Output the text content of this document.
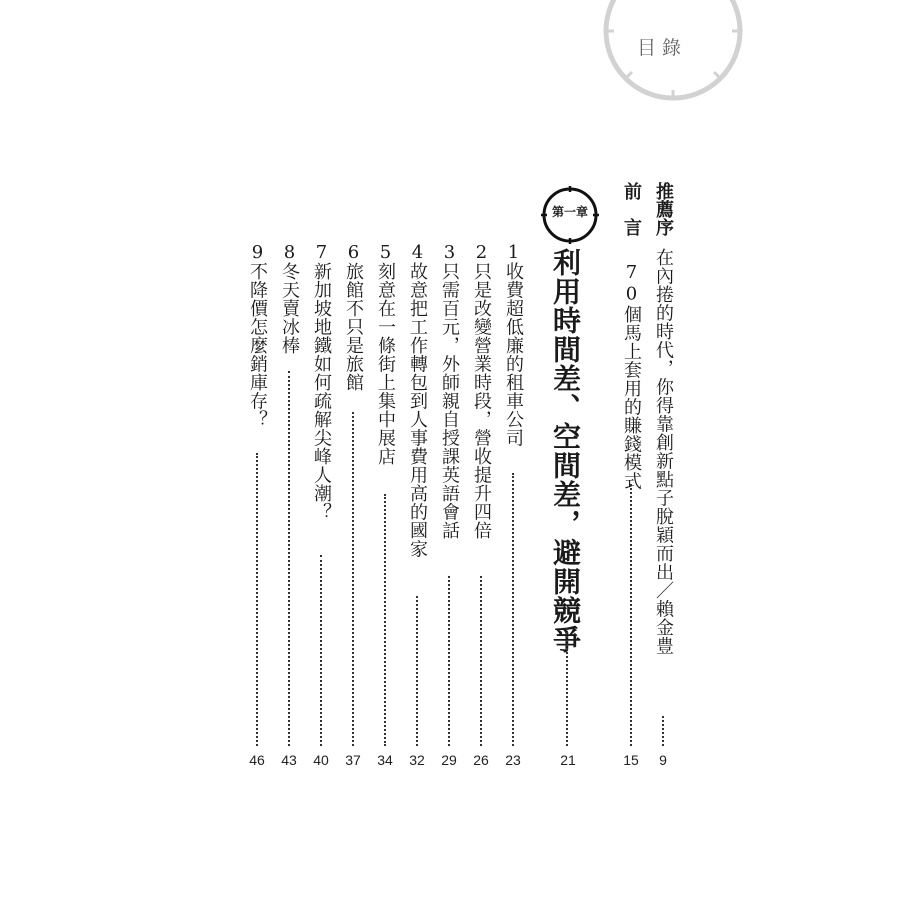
目錄
推薦序
在內捲的時代，你得靠創新點子脫穎而出／賴金豊
9
前言
70個馬上套用的賺錢模式
15
第一章
利用時間差、空間差，避開競爭
21
1
收費超低廉的租車公司
23
2
只是改變營業時段，營收提升四倍
26
3
只需百元，外師親自授課英語會話
29
4
故意把工作轉包到人事費用高的國家
32
5
刻意在一條街上集中展店
34
6
旅館不只是旅館
37
7
新加坡地鐵如何疏解尖峰人潮？
40
8
冬天賣冰棒
43
9
不降價怎麼銷庫存？
46
